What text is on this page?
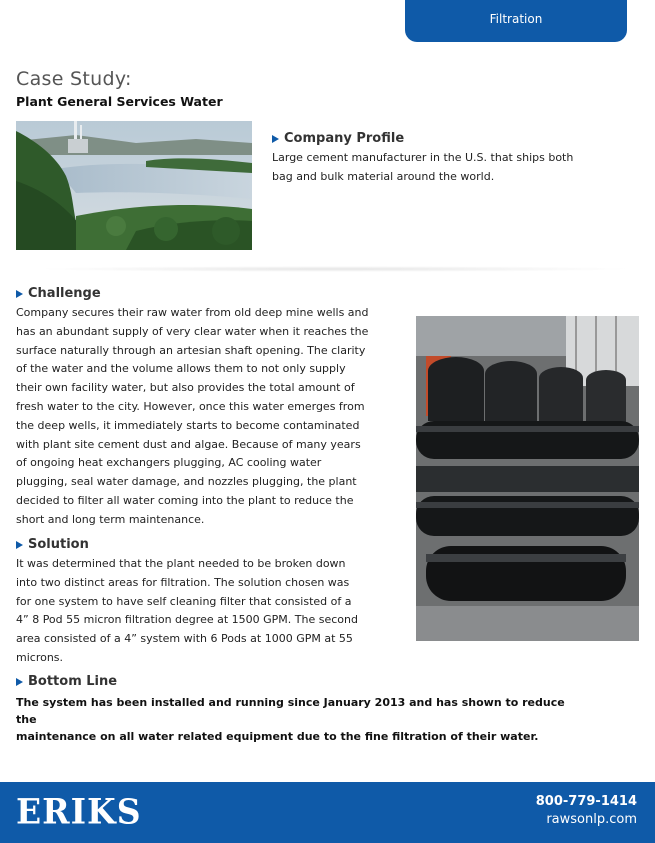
Filtration
Case Study:
Plant General Services Water
Company Profile
Large cement manufacturer in the U.S. that ships both
bag and bulk material around the world.
Challenge
Company secures their raw water from old deep mine wells and
has an abundant supply of very clear water when it reaches the
surface naturally through an artesian shaft opening. The clarity
of the water and the volume allows them to not only supply
their own facility water, but also provides the total amount of
fresh water to the city. However, once this water emerges from
the deep wells, it immediately starts to become contaminated
with plant site cement dust and algae. Because of many years
of ongoing heat exchangers plugging, AC cooling water
plugging, seal water damage, and nozzles plugging, the plant
decided to filter all water coming into the plant to reduce the
short and long term maintenance.
Solution
It was determined that the plant needed to be broken down
into two distinct areas for filtration. The solution chosen was
for one system to have self cleaning filter that consisted of a
4” 8 Pod 55 micron filtration degree at 1500 GPM. The second
area consisted of a 4” system with 6 Pods at 1000 GPM at 55
microns.
Bottom Line
The system has been installed and running since January 2013 and has shown to reduce the
maintenance on all water related equipment due to the fine filtration of their water.
ERIKS	800-779-1414
rawsonlp.com
